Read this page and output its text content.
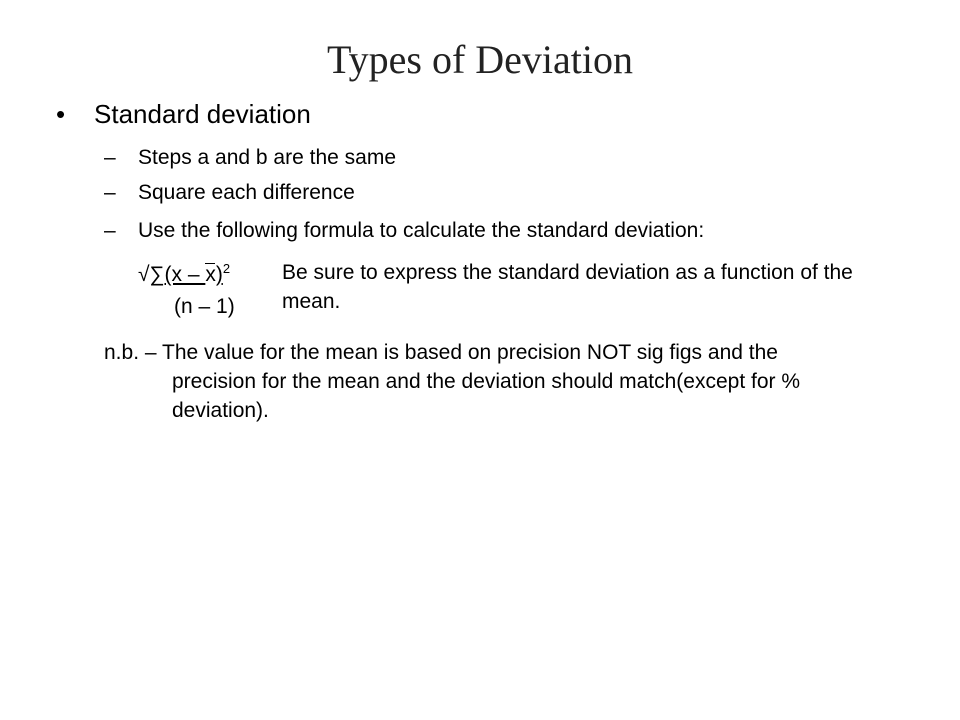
Types of Deviation
•	Standard deviation
– Steps a and b are the same
– Square each difference
– Use the following formula to calculate the standard deviation:
√∑(x – x)$^2$
(n – 1)
Be sure to express the standard deviation as a function of the mean.
n.b. – The value for the mean is based on precision NOT sig figs and the precision for the mean and the deviation should match(except for % deviation).
